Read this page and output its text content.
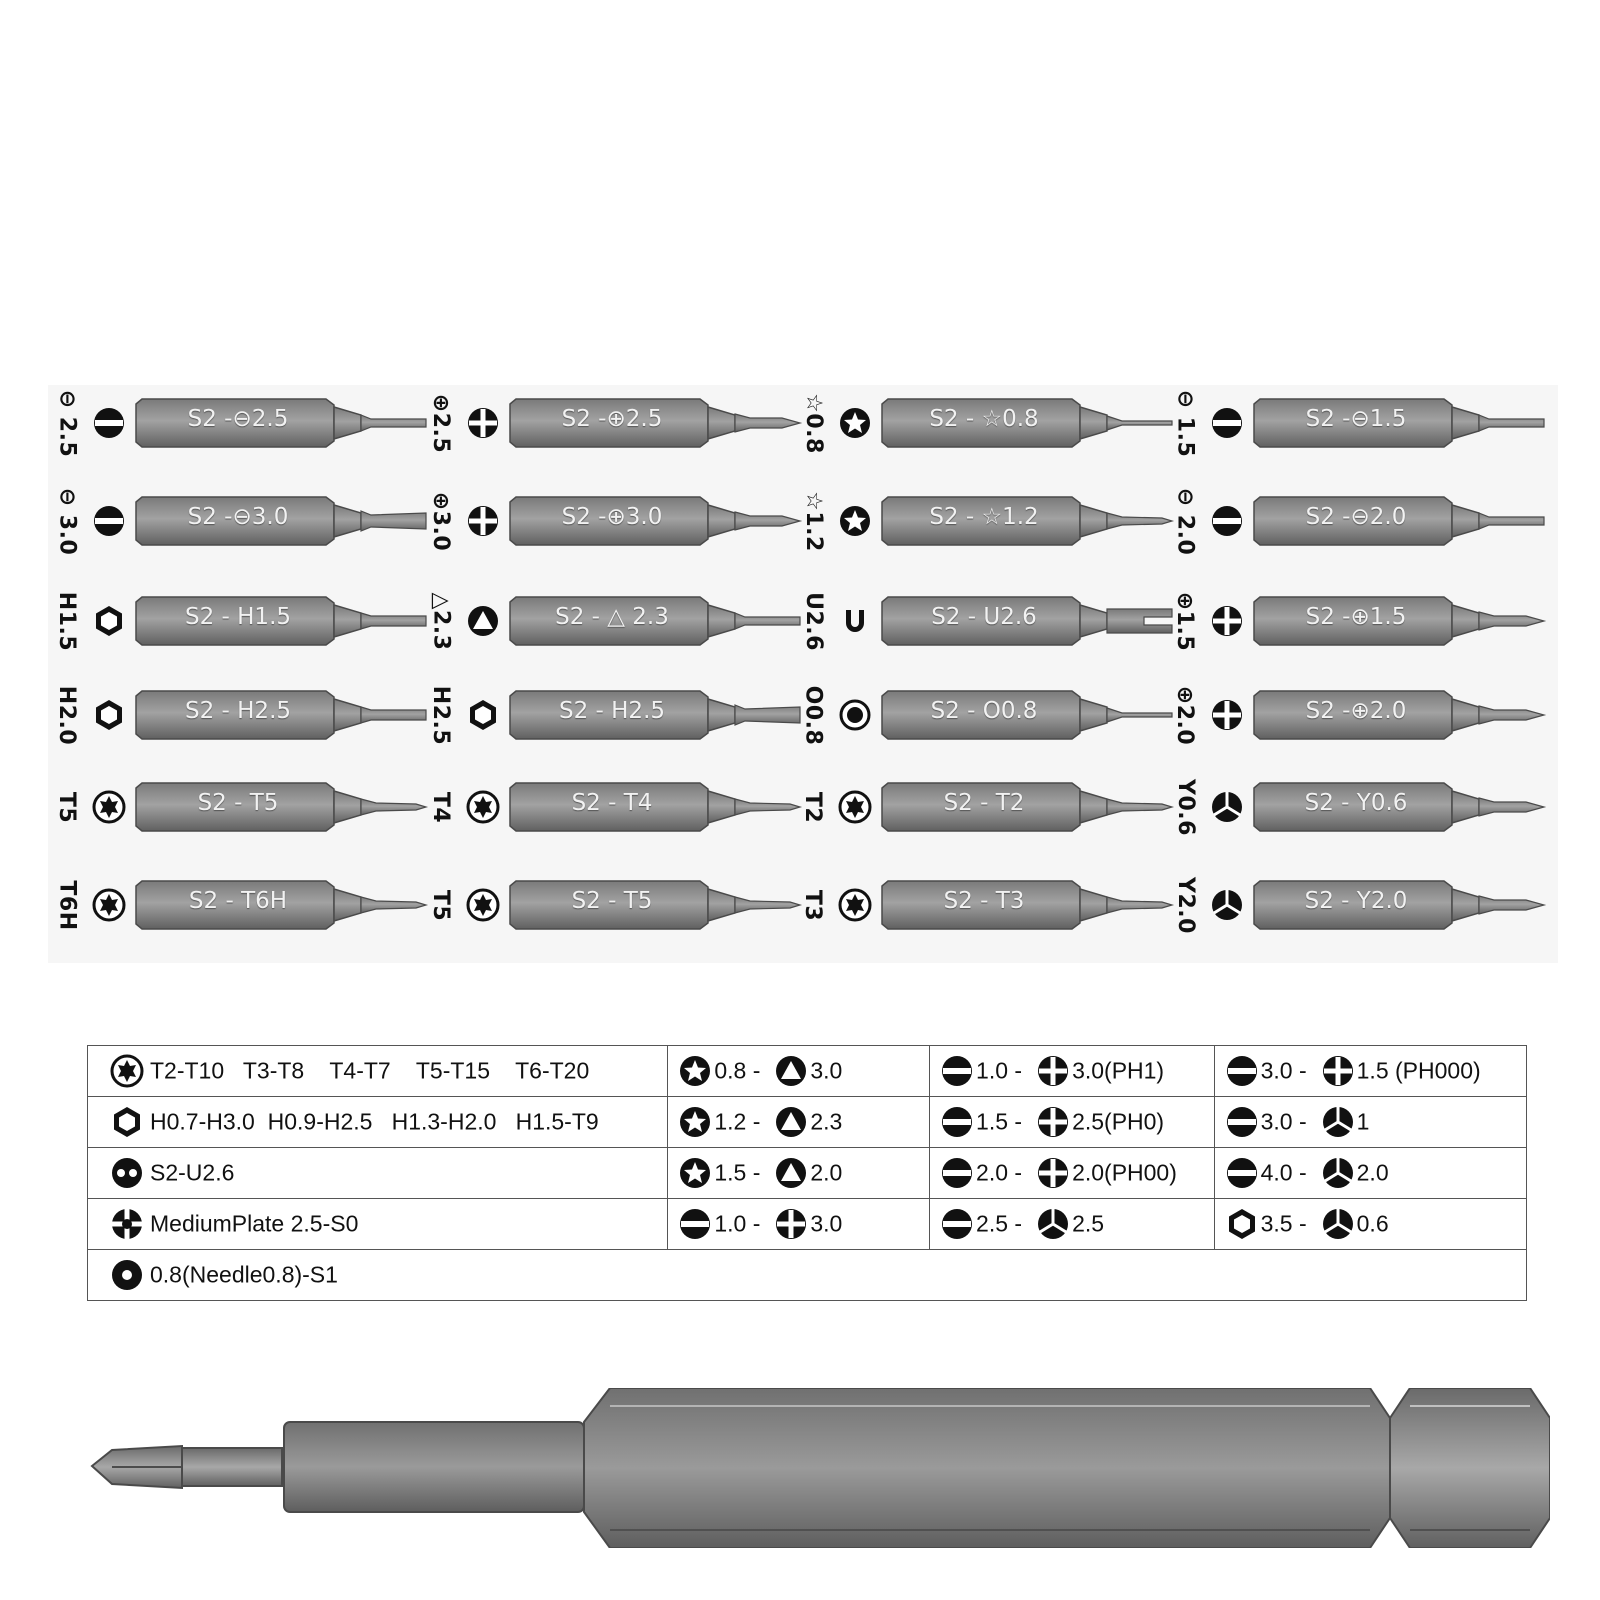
⊖ 2.5	S2 -⊖2.5
⊖ 3.0	S2 -⊖3.0
H1.5	S2 - H1.5
H2.0	S2 - H2.5
T5	S2 - T5
T6H	S2 - T6H
⊕2.5	S2 -⊕2.5
⊕3.0	S2 -⊕3.0
△2.3	S2 - △ 2.3
H2.5	S2 - H2.5
T4	S2 - T4
T5	S2 - T5
☆0.8	S2 - ☆0.8
☆1.2	S2 - ☆1.2
U2.6	S2 - U2.6
O0.8	S2 - O0.8
T2	S2 - T2
T3	S2 - T3
⊖ 1.5	S2 -⊖1.5
⊖ 2.0	S2 -⊖2.0
⊕1.5	S2 -⊕1.5
⊕2.0	S2 -⊕2.0
Y0.6	S2 - Y0.6
Y2.0	S2 - Y2.0
T2-T10   T3-T8    T4-T7    T5-T15    T6-T20	0.8 - 3.0	1.0 - 3.0(PH1)	3.0 - 1.5 (PH000)
H0.7-H3.0  H0.9-H2.5   H1.3-H2.0   H1.5-T9	1.2 - 2.3	1.5 - 2.5(PH0)	3.0 - 1
S2-U2.6	1.5 - 2.0	2.0 - 2.0(PH00)	4.0 - 2.0
MediumPlate 2.5-S0	1.0 - 3.0	2.5 - 2.5	3.5 - 0.6
0.8(Needle0.8)-S1			
